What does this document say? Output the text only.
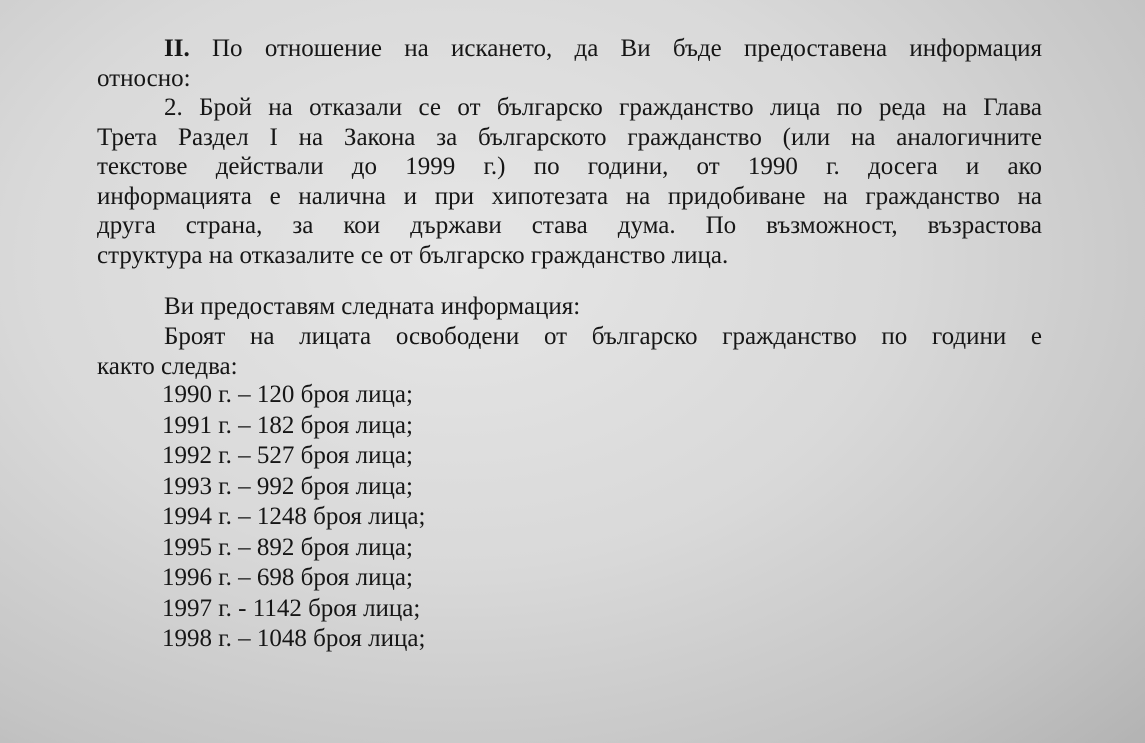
II. По отношение на искането, да Ви бъде предоставена информация
относно:
2. Брой на отказали се от българско гражданство лица по реда на Глава
Трета Раздел I на Закона за българското гражданство (или на аналогичните
текстове действали до 1999 г.) по години, от 1990 г. досега и ако
информацията е налична и при хипотезата на придобиване на гражданство на
друга страна, за кои държави става дума. По възможност, възрастова
структура на отказалите се от българско гражданство лица.
Ви предоставям следната информация:
Броят на лицата освободени от българско гражданство по години е
както следва:
1990 г. – 120 броя лица;
1991 г. – 182 броя лица;
1992 г. – 527 броя лица;
1993 г. – 992 броя лица;
1994 г. – 1248 броя лица;
1995 г. – 892 броя лица;
1996 г. – 698 броя лица;
1997 г. - 1142 броя лица;
1998 г. – 1048 броя лица;
